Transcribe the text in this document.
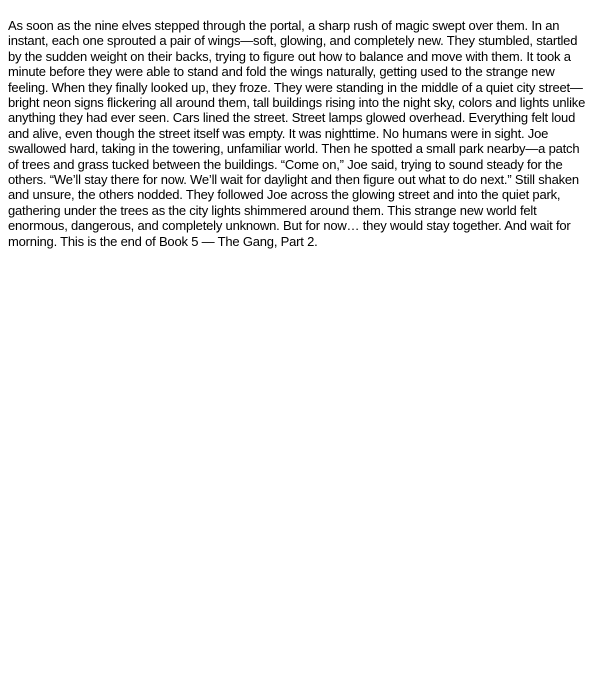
As soon as the nine elves stepped through the portal, a sharp rush of magic swept over them. In an instant, each one sprouted a pair of wings—soft, glowing, and completely new. They stumbled, startled by the sudden weight on their backs, trying to figure out how to balance and move with them. It took a minute before they were able to stand and fold the wings naturally, getting used to the strange new feeling. When they finally looked up, they froze. They were standing in the middle of a quiet city street—bright neon signs flickering all around them, tall buildings rising into the night sky, colors and lights unlike anything they had ever seen. Cars lined the street. Street lamps glowed overhead. Everything felt loud and alive, even though the street itself was empty. It was nighttime. No humans were in sight. Joe swallowed hard, taking in the towering, unfamiliar world. Then he spotted a small park nearby—a patch of trees and grass tucked between the buildings. “Come on,” Joe said, trying to sound steady for the others. “We’ll stay there for now. We’ll wait for daylight and then figure out what to do next.” Still shaken and unsure, the others nodded. They followed Joe across the glowing street and into the quiet park, gathering under the trees as the city lights shimmered around them. This strange new world felt enormous, dangerous, and completely unknown. But for now… they would stay together. And wait for morning. This is the end of Book 5 — The Gang, Part 2.
